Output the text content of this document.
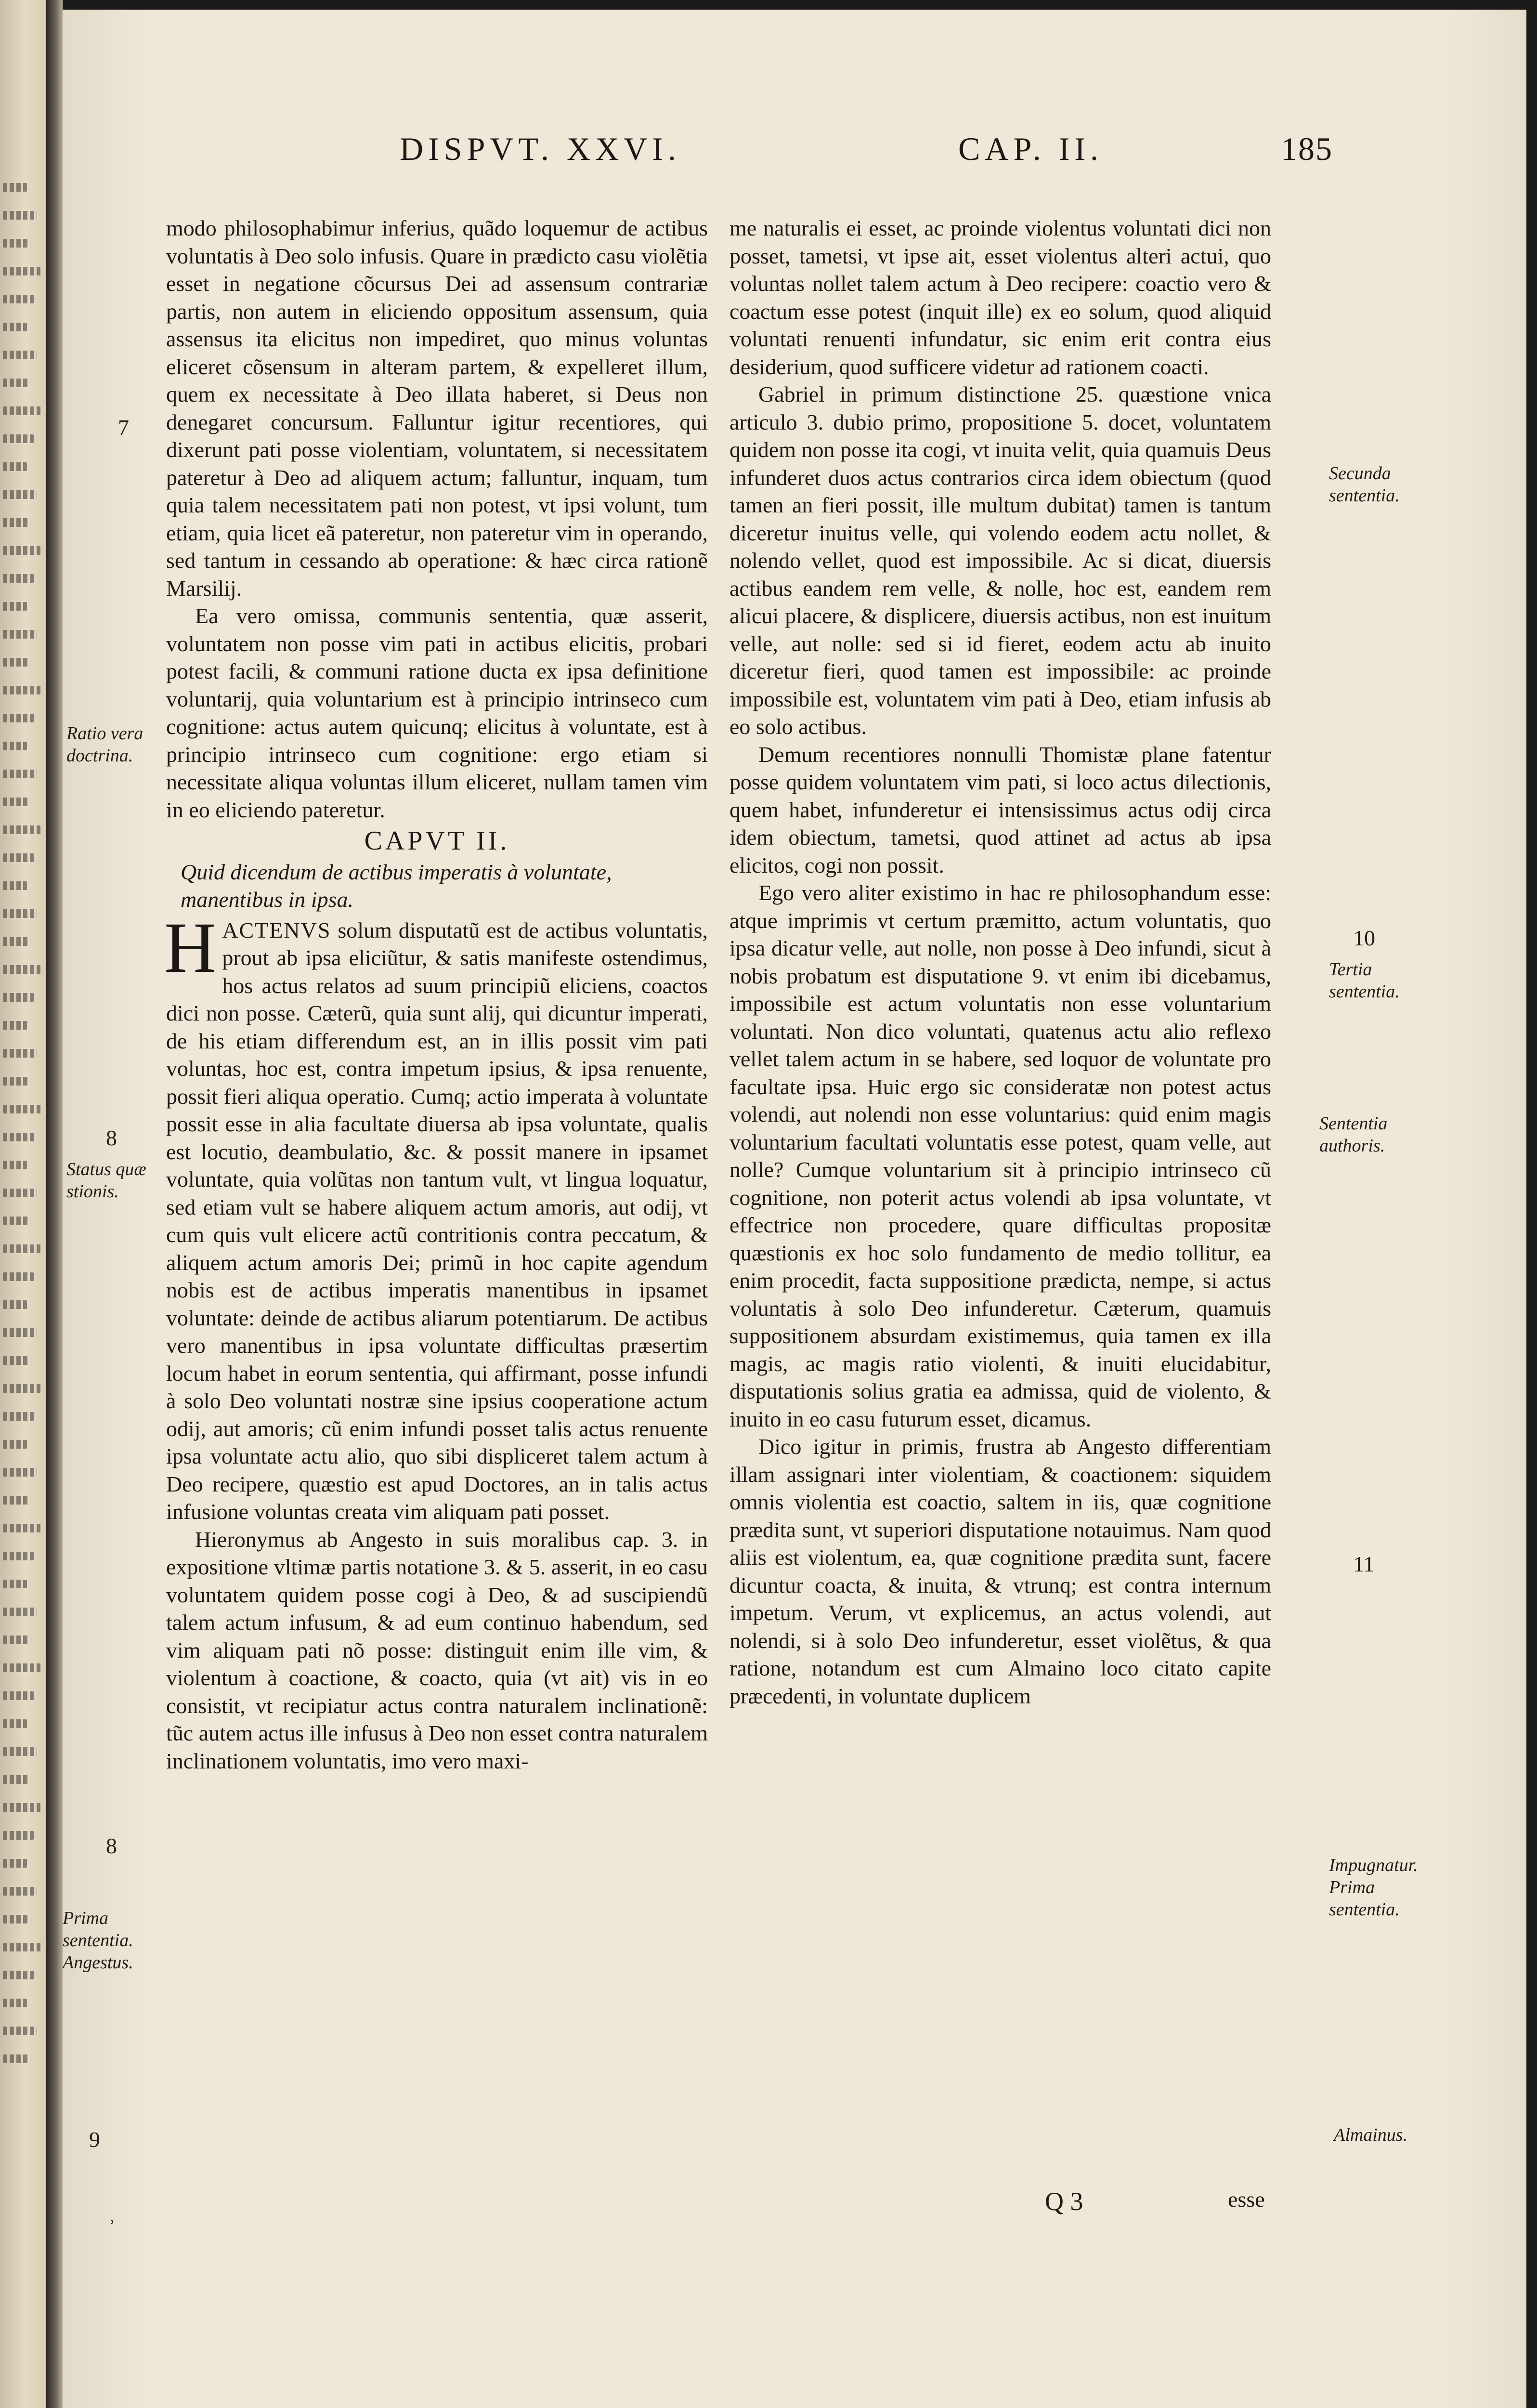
DISPVT. XXVI.	CAP. II.	185

modo philosophabimur inferius, quãdo loquemur de actibus voluntatis à Deo solo infusis. Quare in prædicto casu violẽtia esset in negatione cõcursus Dei ad assensum contrariæ partis, non autem in eliciendo oppositum assensum, quia assensus ita elicitus non impediret, quo minus voluntas eliceret cõsensum in alteram partem, & expelleret illum, quem ex necessitate à Deo illata haberet, si Deus non denegaret concursum. Falluntur igitur recentiores, qui dixerunt pati posse violentiam, voluntatem, si necessitatem pateretur à Deo ad aliquem actum; falluntur, inquam, tum quia talem necessitatem pati non potest, vt ipsi volunt, tum etiam, quia licet eã pateretur, non pateretur vim in operando, sed tantum in cessando ab operatione: & hæc circa rationẽ Marsilij.

Ea vero omissa, communis sententia, quæ asserit, voluntatem non posse vim pati in actibus elicitis, probari potest facili, & communi ratione ducta ex ipsa definitione voluntarij, quia voluntarium est à principio intrinseco cum cognitione: actus autem quicunq; elicitus à voluntate, est à principio intrinseco cum cognitione: ergo etiam si necessitate aliqua voluntas illum eliceret, nullam tamen vim in eo eliciendo pateretur.

CAPVT II.
Quid dicendum de actibus imperatis à voluntate, manentibus in ipsa.

HACTENVS solum disputatũ est de actibus voluntatis, prout ab ipsa eliciũtur, & satis manifeste ostendimus, hos actus relatos ad suum principiũ eliciens, coactos dici non posse. Cæterũ, quia sunt alij, qui dicuntur imperati, de his etiam differendum est, an in illis possit vim pati voluntas, hoc est, contra impetum ipsius, & ipsa renuente, possit fieri aliqua operatio. Cumq; actio imperata à voluntate possit esse in alia facultate diuersa ab ipsa voluntate, qualis est locutio, deambulatio, &c. & possit manere in ipsamet voluntate, quia volũtas non tantum vult, vt lingua loquatur, sed etiam vult se habere aliquem actum amoris, aut odij, vt cum quis vult elicere actũ contritionis contra peccatum, & aliquem actum amoris Dei; primũ in hoc capite agendum nobis est de actibus imperatis manentibus in ipsamet voluntate: deinde de actibus aliarum potentiarum. De actibus vero manentibus in ipsa voluntate difficultas præsertim locum habet in eorum sententia, qui affirmant, posse infundi à solo Deo voluntati nostræ sine ipsius cooperatione actum odij, aut amoris; cũ enim infundi posset talis actus renuente ipsa voluntate actu alio, quo sibi displiceret talem actum à Deo recipere, quæstio est apud Doctores, an in talis actus infusione voluntas creata vim aliquam pati posset.

Hieronymus ab Angesto in suis moralibus cap. 3. in expositione vltimæ partis notatione 3. & 5. asserit, in eo casu voluntatem quidem posse cogi à Deo, & ad suscipiendũ talem actum infusum, & ad eum continuo habendum, sed vim aliquam pati nõ posse: distinguit enim ille vim, & violentum à coactione, & coacto, quia (vt ait) vis in eo consistit, vt recipiatur actus contra naturalem inclinationẽ: tũc autem actus ille infusus à Deo non esset contra naturalem inclinationem voluntatis, imo vero maxi-

me naturalis ei esset, ac proinde violentus voluntati dici non posset, tametsi, vt ipse ait, esset violentus alteri actui, quo voluntas nollet talem actum à Deo recipere: coactio vero & coactum esse potest (inquit ille) ex eo solum, quod aliquid voluntati renuenti infundatur, sic enim erit contra eius desiderium, quod sufficere videtur ad rationem coacti.

Gabriel in primum distinctione 25. quæstione vnica articulo 3. dubio primo, propositione 5. docet, voluntatem quidem non posse ita cogi, vt inuita velit, quia quamuis Deus infunderet duos actus contrarios circa idem obiectum (quod tamen an fieri possit, ille multum dubitat) tamen is tantum diceretur inuitus velle, qui volendo eodem actu nollet, & nolendo vellet, quod est impossibile. Ac si dicat, diuersis actibus eandem rem velle, & nolle, hoc est, eandem rem alicui placere, & displicere, diuersis actibus, non est inuitum velle, aut nolle: sed si id fieret, eodem actu ab inuito diceretur fieri, quod tamen est impossibile: ac proinde impossibile est, voluntatem vim pati à Deo, etiam infusis ab eo solo actibus.

Demum recentiores nonnulli Thomistæ plane fatentur posse quidem voluntatem vim pati, si loco actus dilectionis, quem habet, infunderetur ei intensissimus actus odij circa idem obiectum, tametsi, quod attinet ad actus ab ipsa elicitos, cogi non possit.

Ego vero aliter existimo in hac re philosophandum esse: atque imprimis vt certum præmitto, actum voluntatis, quo ipsa dicatur velle, aut nolle, non posse à Deo infundi, sicut à nobis probatum est disputatione 9. vt enim ibi dicebamus, impossibile est actum voluntatis non esse voluntarium voluntati. Non dico voluntati, quatenus actu alio reflexo vellet talem actum in se habere, sed loquor de voluntate pro facultate ipsa. Huic ergo sic consideratæ non potest actus volendi, aut nolendi non esse voluntarius: quid enim magis voluntarium facultati voluntatis esse potest, quam velle, aut nolle? Cumque voluntarium sit à principio intrinseco cũ cognitione, non poterit actus volendi ab ipsa voluntate, vt effectrice non procedere, quare difficultas propositæ quæstionis ex hoc solo fundamento de medio tollitur, ea enim procedit, facta suppositione prædicta, nempe, si actus voluntatis à solo Deo infunderetur. Cæterum, quamuis suppositionem absurdam existimemus, quia tamen ex illa magis, ac magis ratio violenti, & inuiti elucidabitur, disputationis solius gratia ea admissa, quid de violento, & inuito in eo casu futurum esset, dicamus.

Dico igitur in primis, frustra ab Angesto differentiam illam assignari inter violentiam, & coactionem: siquidem omnis violentia est coactio, saltem in iis, quæ cognitione prædita sunt, vt superiori disputatione notauimus. Nam quod aliis est violentum, ea, quæ cognitione prædita sunt, facere dicuntur coacta, & inuita, & vtrunq; est contra internum impetum. Verum, vt explicemus, an actus volendi, aut nolendi, si à solo Deo infunderetur, esset violẽtus, & qua ratione, notandum est cum Almaino loco citato capite præcedenti, in voluntate duplicem

7
Ratio vera doctrina.
8
Status quæ stionis.
8
Prima sententia. Angestus.
9
ʾ
Secunda sententia.
10
Tertia sententia.
Sententia authoris.
11
Impugnatur. Prima sententia.
Almainus.
Q 3	esse
